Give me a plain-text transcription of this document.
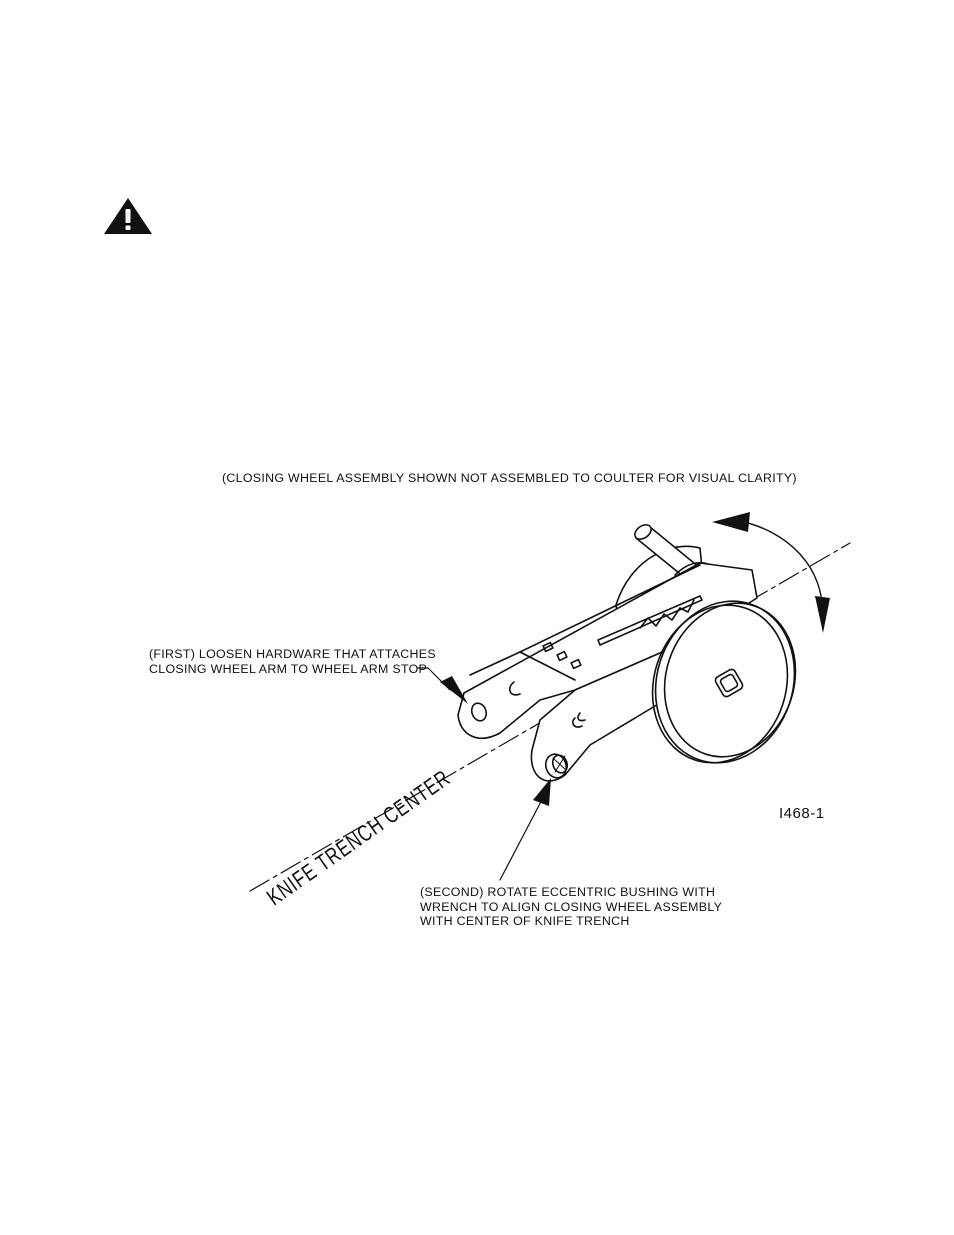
(CLOSING WHEEL ASSEMBLY SHOWN NOT ASSEMBLED TO COULTER FOR VISUAL CLARITY)
(FIRST) LOOSEN HARDWARE THAT ATTACHES
CLOSING WHEEL ARM TO WHEEL ARM STOP
(SECOND) ROTATE ECCENTRIC BUSHING WITH
WRENCH TO ALIGN CLOSING WHEEL ASSEMBLY
WITH CENTER OF KNIFE TRENCH
KNIFE TRENCH CENTER	I468-1
